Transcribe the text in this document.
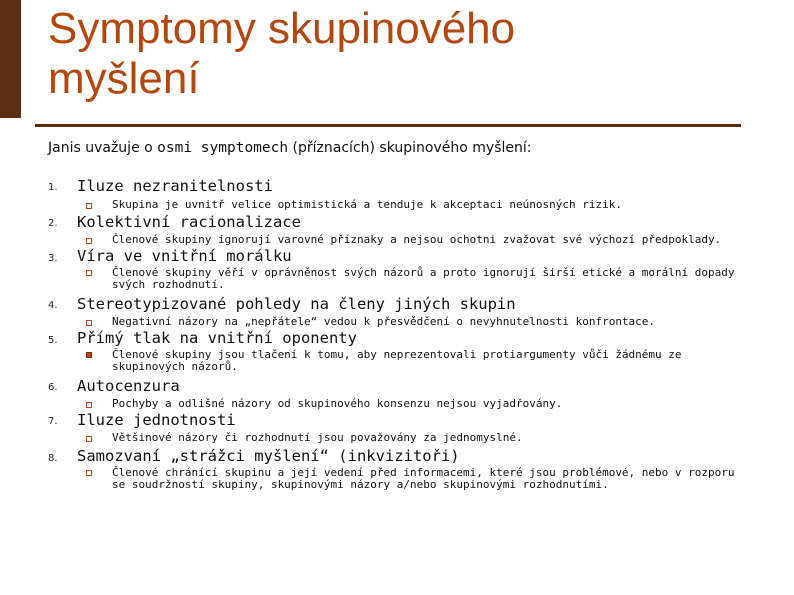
Symptomy skupinového
myšlení
Janis uvažuje o osmi symptomech (příznacích) skupinového myšlení:
1. Iluze nezranitelnosti
Skupina je uvnitř velice optimistická a tenduje k akceptaci neúnosných rizik.
2. Kolektivní racionalizace
Členové skupiny ignorují varovné příznaky a nejsou ochotni zvažovat své výchozí předpoklady.
3. Víra ve vnitřní morálku
Členové skupiny věří v oprávněnost svých názorů a proto ignorují širší etické a morální dopady svých rozhodnutí.
4. Stereotypizované pohledy na členy jiných skupin
Negativní názory na „nepřátele“ vedou k přesvědčení o nevyhnutelnosti konfrontace.
5. Přímý tlak na vnitřní oponenty
Členové skupiny jsou tlačení k tomu, aby neprezentovali protiargumenty vůči žádnému ze skupinových názorů.
6. Autocenzura
Pochyby a odlišné názory od skupinového konsenzu nejsou vyjadřovány.
7. Iluze jednotnosti
Většinové názory či rozhodnutí jsou považovány za jednomyslné.
8. Samozvaní „strážci myšlení“ (inkvizitoři)
Členové chránící skupinu a její vedení před informacemi, které jsou problémové, nebo v rozporu se soudržností skupiny, skupinovými názory a/nebo skupinovými rozhodnutími.
